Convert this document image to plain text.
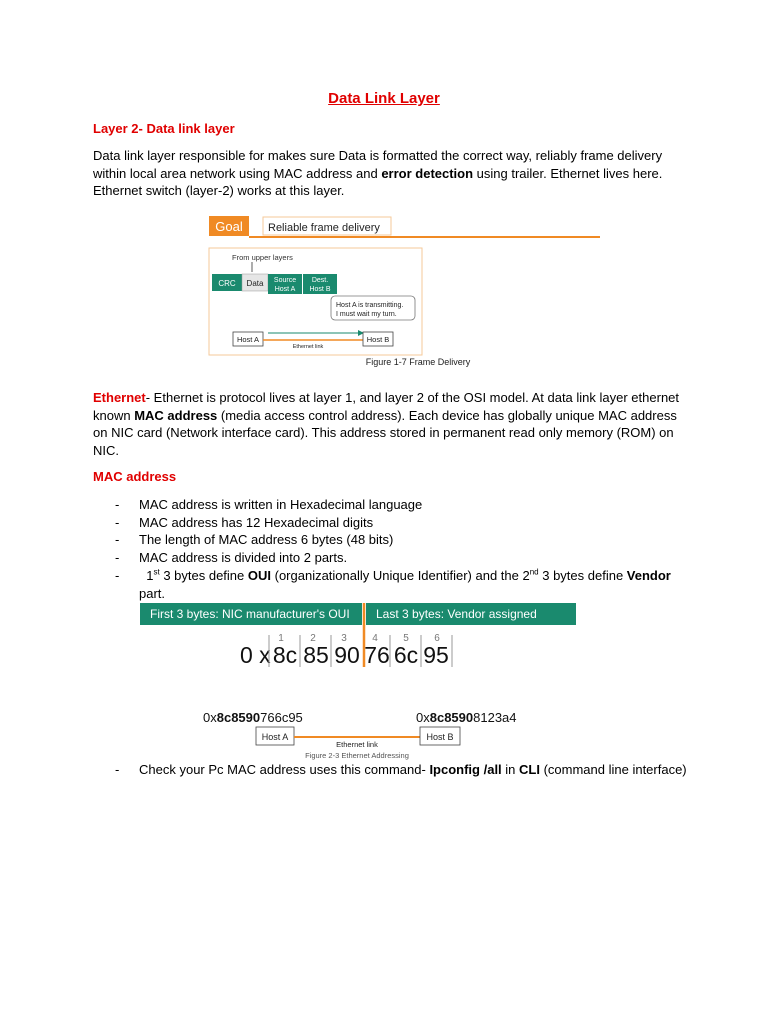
Data Link Layer
Layer 2- Data link layer
Data link layer responsible for makes sure Data is formatted the correct way, reliably frame delivery within local area network using MAC address and error detection using trailer. Ethernet lives here. Ethernet switch (layer-2) works at this layer.
Goal Reliable frame delivery
From upper layers
CRC Data Source
Host A
Dest.
Host B
Host A is transmitting.
I must wait my turn.
Host A
Ethernet link
Host B
Figure 1-7 Frame Delivery
Ethernet- Ethernet is protocol lives at layer 1, and layer 2 of the OSI model. At data link layer ethernet known MAC address (media access control address). Each device has globally unique MAC address on NIC card (Network interface card). This address stored in permanent read only memory (ROM) on NIC.
MAC address
- MAC address is written in Hexadecimal language
- MAC address has 12 Hexadecimal digits
- The length of MAC address 6 bytes (48 bits)
- MAC address is divided into 2 parts.
-	1st 3 bytes define OUI (organizationally Unique Identifier) and the 2nd 3 bytes define Vendor
part.
First 3 bytes: NIC manufacturer's OUI Last 3 bytes: Vendor assigned
0 x
1	2	3	4	5	6
8c 85 90 76 6c 95
0x8c8590766c95	0x8c85908123a4
Host A
Ethernet link
Host B
Figure 2-3 Ethernet Addressing
- Check your Pc MAC address uses this command- Ipconfig /all in CLI (command line interface)
